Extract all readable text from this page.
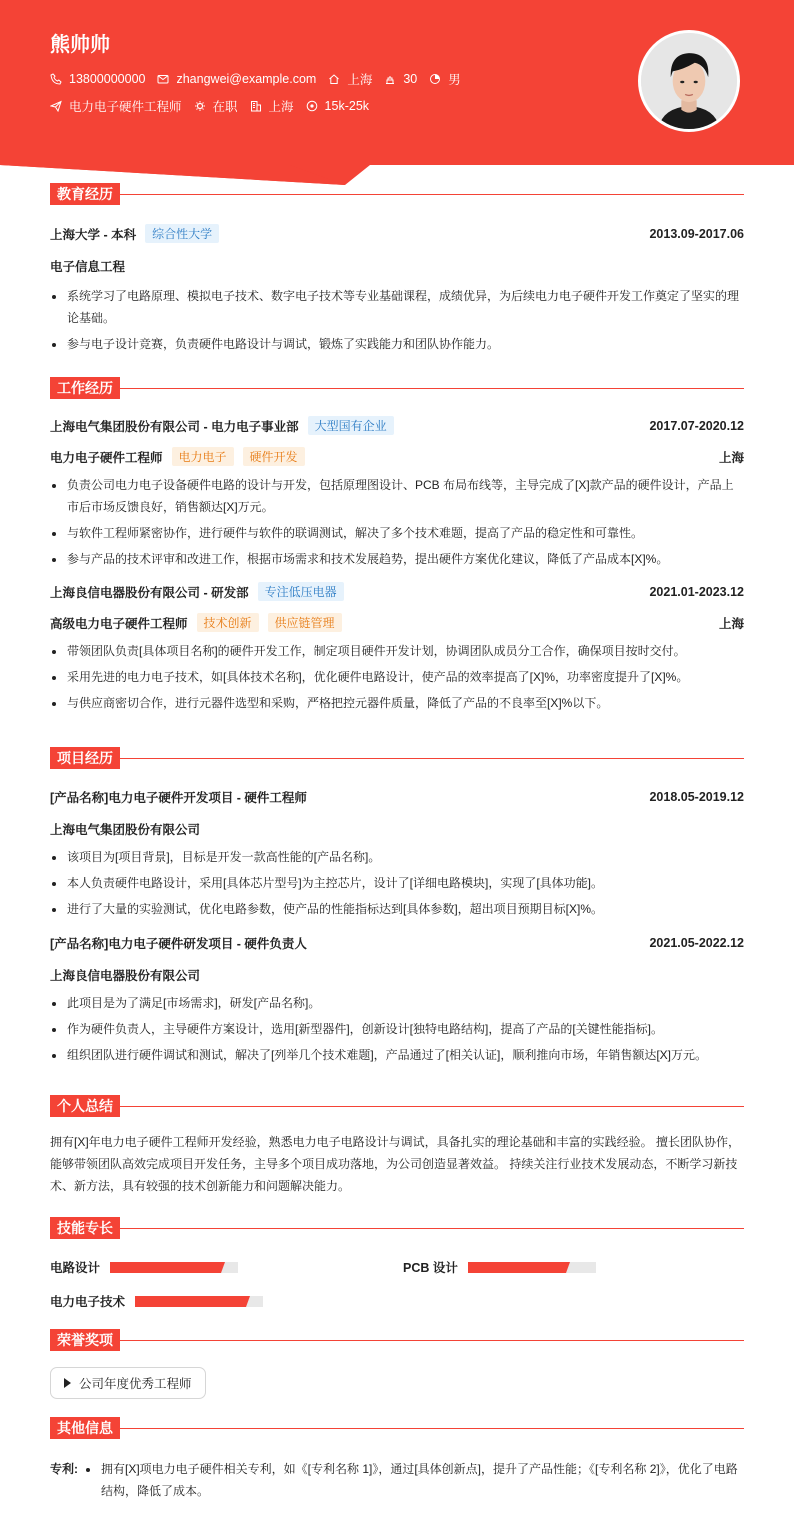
熊帅帅
13800000000 zhangwei@example.com 上海 30 男
电力电子硬件工程师 在职 上海 15k-25k
教育经历
上海大学 - 本科	综合性大学	2013.09-2017.06
电子信息工程
系统学习了电路原理、模拟电子技术、数字电子技术等专业基础课程，成绩优异，为后续电力电子硬件开发工作奠定了坚实的理论基础。
参与电子设计竞赛，负责硬件电路设计与调试，锻炼了实践能力和团队协作能力。
工作经历
上海电气集团股份有限公司 - 电力电子事业部	大型国有企业	2017.07-2020.12
电力电子硬件工程师	电力电子	硬件开发	上海
负责公司电力电子设备硬件电路的设计与开发，包括原理图设计、PCB 布局布线等，主导完成了[X]款产品的硬件设计，产品上市后市场反馈良好，销售额达[X]万元。
与软件工程师紧密协作，进行硬件与软件的联调测试，解决了多个技术难题，提高了产品的稳定性和可靠性。
参与产品的技术评审和改进工作，根据市场需求和技术发展趋势，提出硬件方案优化建议，降低了产品成本[X]%。
上海良信电器股份有限公司 - 研发部	专注低压电器	2021.01-2023.12
高级电力电子硬件工程师	技术创新	供应链管理	上海
带领团队负责[具体项目名称]的硬件开发工作，制定项目硬件开发计划，协调团队成员分工合作，确保项目按时交付。
采用先进的电力电子技术，如[具体技术名称]，优化硬件电路设计，使产品的效率提高了[X]%，功率密度提升了[X]%。
与供应商密切合作，进行元器件选型和采购，严格把控元器件质量，降低了产品的不良率至[X]%以下。
项目经历
[产品名称]电力电子硬件开发项目 - 硬件工程师	2018.05-2019.12
上海电气集团股份有限公司
该项目为[项目背景]，目标是开发一款高性能的[产品名称]。
本人负责硬件电路设计，采用[具体芯片型号]为主控芯片，设计了[详细电路模块]，实现了[具体功能]。
进行了大量的实验测试，优化电路参数，使产品的性能指标达到[具体参数]，超出项目预期目标[X]%。
[产品名称]电力电子硬件研发项目 - 硬件负责人	2021.05-2022.12
上海良信电器股份有限公司
此项目是为了满足[市场需求]，研发[产品名称]。
作为硬件负责人，主导硬件方案设计，选用[新型器件]，创新设计[独特电路结构]，提高了产品的[关键性能指标]。
组织团队进行硬件调试和测试，解决了[列举几个技术难题]，产品通过了[相关认证]，顺利推向市场，年销售额达[X]万元。
个人总结
拥有[X]年电力电子硬件工程师开发经验，熟悉电力电子电路设计与调试，具备扎实的理论基础和丰富的实践经验。 擅长团队协作，能够带领团队高效完成项目开发任务，主导多个项目成功落地，为公司创造显著效益。 持续关注行业技术发展动态，不断学习新技术、新方法，具有较强的技术创新能力和问题解决能力。
技能专长
电路设计	PCB 设计
电力电子技术
荣誉奖项
公司年度优秀工程师
其他信息
专利:	拥有[X]项电力电子硬件相关专利，如《[专利名称 1]》，通过[具体创新点]，提升了产品性能；《[专利名称 2]》，优化了电路结构，降低了成本。
